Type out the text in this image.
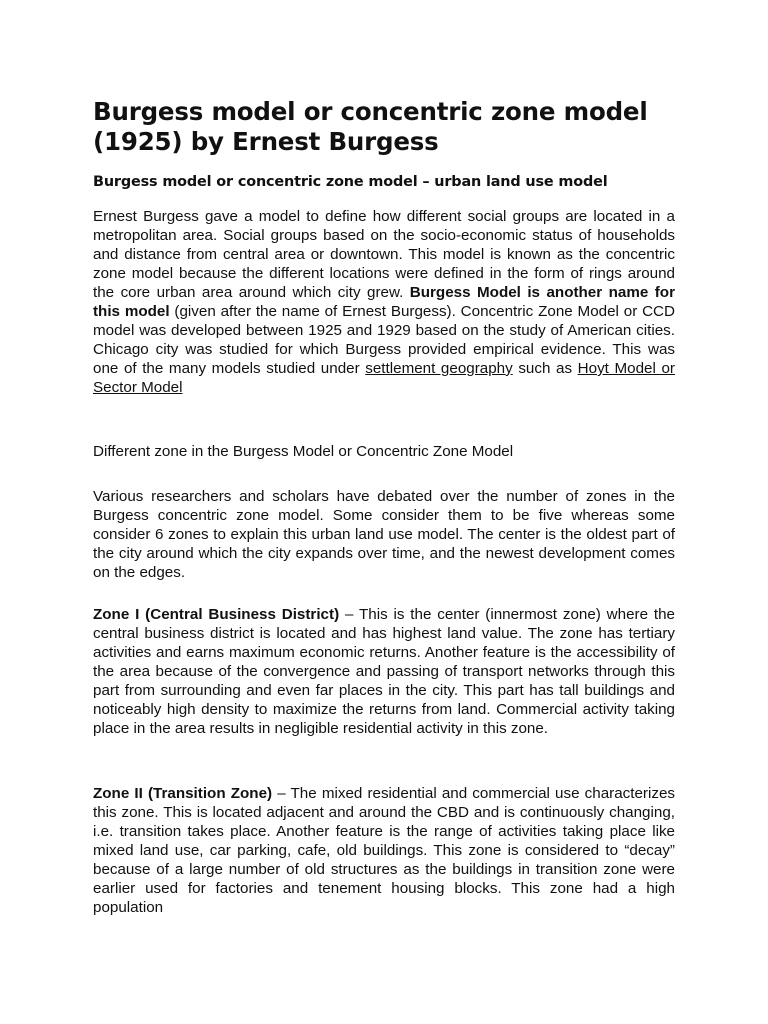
Burgess model or concentric zone model (1925) by Ernest Burgess
Burgess model or concentric zone model – urban land use model

Ernest Burgess gave a model to define how different social groups are located in a metropolitan area. Social groups based on the socio-economic status of households and distance from central area or downtown. This model is known as the concentric zone model because the different locations were defined in the form of rings around the core urban area around which city grew. Burgess Model is another name for this model (given after the name of Ernest Burgess). Concentric Zone Model or CCD model was developed between 1925 and 1929 based on the study of American cities. Chicago city was studied for which Burgess provided empirical evidence. This was one of the many models studied under settlement geography such as Hoyt Model or Sector Model

Different zone in the Burgess Model or Concentric Zone Model

Various researchers and scholars have debated over the number of zones in the Burgess concentric zone model. Some consider them to be five whereas some consider 6 zones to explain this urban land use model. The center is the oldest part of the city around which the city expands over time, and the newest development comes on the edges.

Zone I (Central Business District) – This is the center (innermost zone) where the central business district is located and has highest land value. The zone has tertiary activities and earns maximum economic returns. Another feature is the accessibility of the area because of the convergence and passing of transport networks through this part from surrounding and even far places in the city. This part has tall buildings and noticeably high density to maximize the returns from land. Commercial activity taking place in the area results in negligible residential activity in this zone.

Zone II (Transition Zone) – The mixed residential and commercial use characterizes this zone. This is located adjacent and around the CBD and is continuously changing, i.e. transition takes place. Another feature is the range of activities taking place like mixed land use, car parking, cafe, old buildings. This zone is considered to “decay” because of a large number of old structures as the buildings in transition zone were earlier used for factories and tenement housing blocks. This zone had a high population
